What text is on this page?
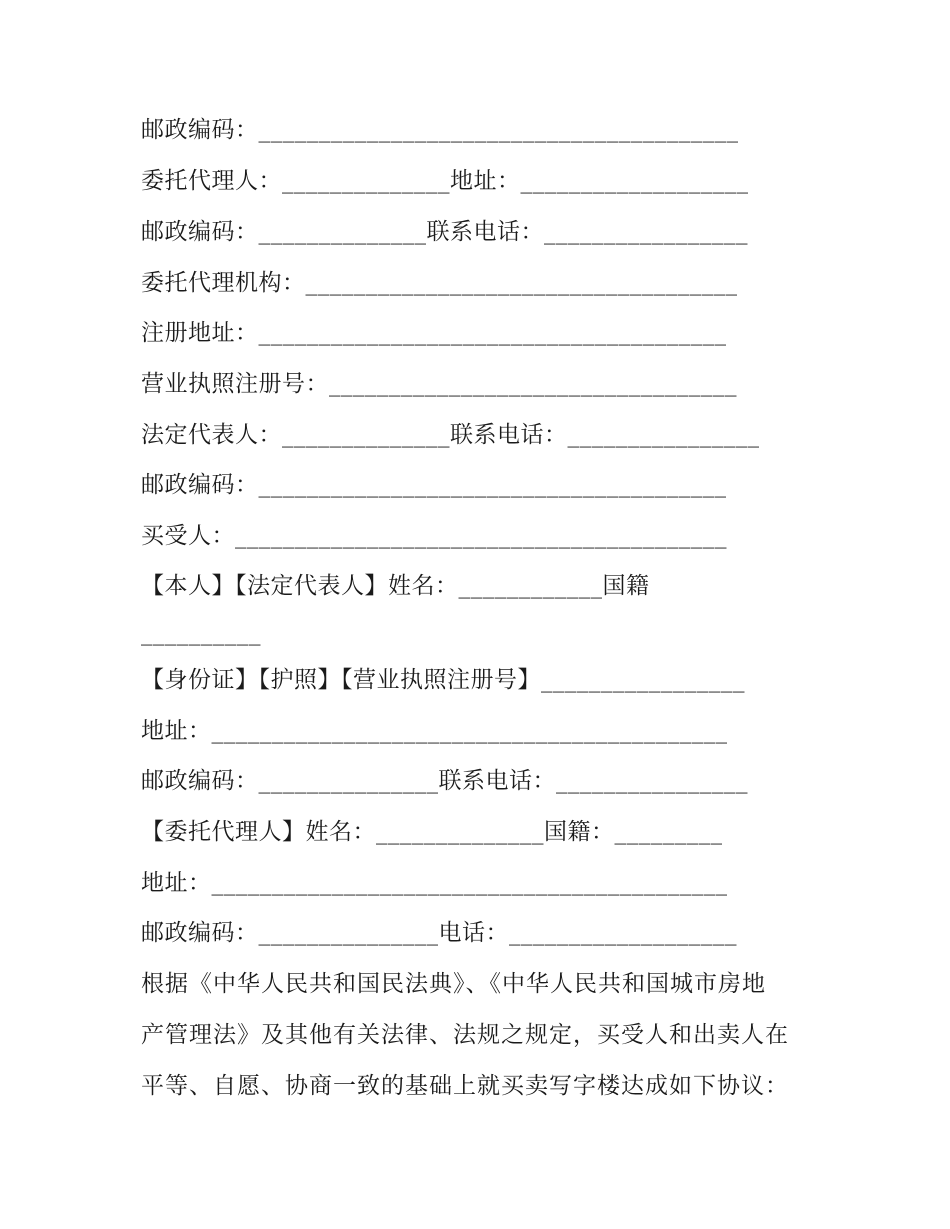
邮政编码：________________________________________
委托代理人：______________地址：___________________
邮政编码：______________联系电话：_________________
委托代理机构：____________________________________
注册地址：_______________________________________
营业执照注册号：__________________________________
法定代表人：______________联系电话：________________
邮政编码：_______________________________________
买受人：_________________________________________
【本人】【法定代表人】姓名：____________国籍
__________
【身份证】【护照】【营业执照注册号】_________________
地址：___________________________________________
邮政编码：_______________联系电话：________________
【委托代理人】姓名：______________国籍：_________
地址：___________________________________________
邮政编码：_______________电话：___________________
根据《中华人民共和国民法典》、《中华人民共和国城市房地
产管理法》及其他有关法律、法规之规定，买受人和出卖人在
平等、自愿、协商一致的基础上就买卖写字楼达成如下协议：
